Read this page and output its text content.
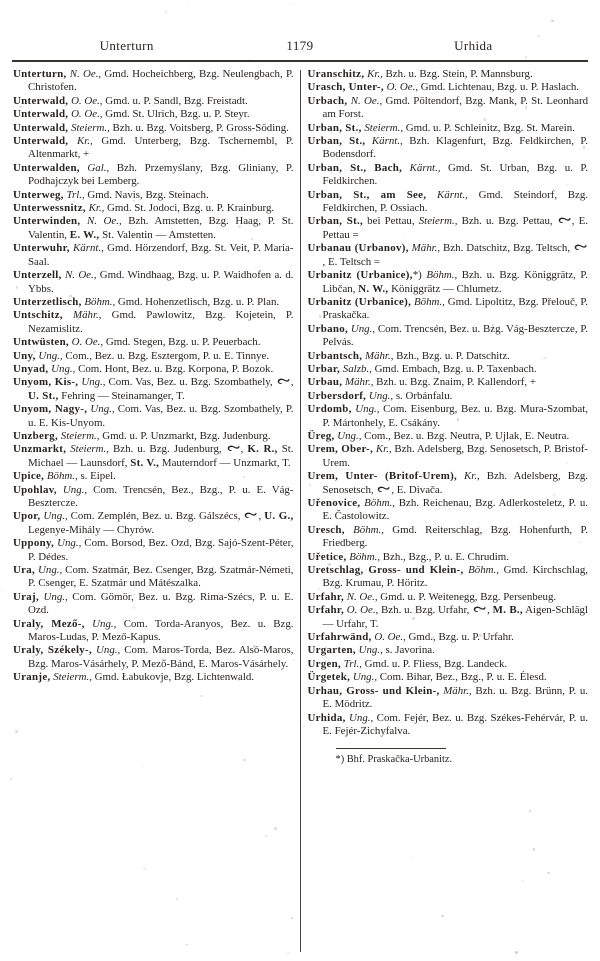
Unterturn	1179	Urhida

Unterturn, N. Oe., Gmd. Hocheichberg, Bzg. Neulengbach, P. Christofen.

Unterwald, O. Oe., Gmd. u. P. Sandl, Bzg. Freistadt.

Unterwald, O. Oe., Gmd. St. Ulrich, Bzg. u. P. Steyr.

Unterwald, Steierm., Bzh. u. Bzg. Voitsberg, P. Gross-Söding.

Unterwald, Kr., Gmd. Unterberg, Bzg. Tschernembl, P. Altenmarkt, +

Unterwalden, Gal., Bzh. Przemyślany, Bzg. Gliniany, P. Podhajczyk bei Lemberg.

Unterweg, Trl., Gmd. Navis, Bzg. Steinach.

Unterwessnitz, Kr., Gmd. St. Jodoci, Bzg. u. P. Krainburg.

Unterwinden, N. Oe., Bzh. Amstetten, Bzg. Haag, P. St. Valentin, E. W., St. Valentin — Amstetten.

Unterwuhr, Kärnt., Gmd. Hörzendorf, Bzg. St. Veit, P. Maria-Saal.

Unterzell, N. Oe., Gmd. Windhaag, Bzg. u. P. Waidhofen a. d. Ybbs.

Unterzetlisch, Böhm., Gmd. Hohenzetlisch, Bzg. u. P. Plan.

Untschitz, Mähr., Gmd. Pawlowitz, Bzg. Kojetein, P. Nezamislitz.

Untwüsten, O. Oe., Gmd. Stegen, Bzg. u. P. Peuerbach.

Uny, Ung., Com., Bez. u. Bzg. Esztergom, P. u. E. Tinnye.

Unyad, Ung., Com. Hont, Bez. u. Bzg. Korpona, P. Bozok.

Unyom, Kis-, Ung., Com. Vas, Bez. u. Bzg. Szombathely,
, U. St., Fehring — Steinamanger, T.

Unyom, Nagy-, Ung., Com. Vas, Bez. u. Bzg. Szombathely, P. u. E. Kis-Unyom.

Unzberg, Steierm., Gmd. u. P. Unzmarkt, Bzg. Judenburg.

Unzmarkt, Steierm., Bzh. u. Bzg. Judenburg,
, K. R., St. Michael — Launsdorf, St. V., Mauterndorf — Unzmarkt, T.

Upice, Böhm., s. Eipel.

Upohlav, Ung., Com. Trencsén, Bez., Bzg., P. u. E. Vág-Besztercze.

Upor, Ung., Com. Zemplén, Bez. u. Bzg. Gálszécs,
, U. G., Legenye-Mihály — Chyrów.

Uppony, Ung., Com. Borsod, Bez. Ozd, Bzg. Sajó-Szent-Péter, P. Dédes.

Ura, Ung., Com. Szatmár, Bez. Csenger, Bzg. Szatmár-Németi, P. Csenger, E. Szatmár und Mátészalka.

Uraj, Ung., Com. Gömör, Bez. u. Bzg. Rima-Szécs, P. u. E. Ozd.

Uraly, Mező-, Ung., Com. Torda-Aranyos, Bez. u. Bzg. Maros-Ludas, P. Mező-Kapus.

Uraly, Székely-, Ung., Com. Maros-Torda, Bez. Alsó-Maros, Bzg. Maros-Vásárhely, P. Mező-Bánd, E. Maros-Vásárhely.

Uranje, Steierm., Gmd. Łabukovje, Bzg. Lichtenwald.

Uranschitz, Kr., Bzh. u. Bzg. Stein, P. Mannsburg.

Urasch, Unter-, O. Oe., Gmd. Lichtenau, Bzg. u. P. Haslach.

Urbach, N. Oe., Gmd. Pöltendorf, Bzg. Mank, P. St. Leonhard am Forst.

Urban, St., Steierm., Gmd. u. P. Schleinitz, Bzg. St. Marein.

Urban, St., Kärnt., Bzh. Klagenfurt, Bzg. Feldkirchen, P. Bodensdorf.

Urban, St., Bach, Kärnt., Gmd. St. Urban, Bzg. u. P. Feldkirchen.

Urban, St., am See, Kärnt., Gmd. Steindorf, Bzg. Feldkirchen, P. Ossiach.

Urban, St., bei Pettau, Steierm., Bzh. u. Bzg. Pettau,
, E. Pettau =

Urbanau (Urbanov), Mähr., Bzh. Datschitz, Bzg. Teltsch,
, E. Teltsch =

Urbanitz (Urbanice),*) Böhm., Bzh. u. Bzg. Königgrätz, P. Libčan, N. W., Königgrätz — Chlumetz.

Urbanitz (Urbanice), Böhm., Gmd. Lipoltitz, Bzg. Přelouč, P. Praskačka.

Urbano, Ung., Com. Trencsén, Bez. u. Bzg. Vág-Besztercze, P. Pelvás.

Urbantsch, Mähr., Bzh., Bzg. u. P. Datschitz.

Urbar, Salzb., Gmd. Embach, Bzg. u. P. Taxenbach.

Urbau, Mähr., Bzh. u. Bzg. Znaim, P. Kallendorf, +

Urbersdorf, Ung., s. Orbánfalu.

Urdomb, Ung., Com. Eisenburg, Bez. u. Bzg. Mura-Szombat, P. Mártonhely, E. Csákány.

Üreg, Ung., Com., Bez. u. Bzg. Neutra, P. Ujlak, E. Neutra.

Urem, Ober-, Kr., Bzh. Adelsberg, Bzg. Senosetsch, P. Bristof-Urem.

Urem, Unter- (Britof-Urem), Kr., Bzh. Adelsberg, Bzg. Senosetsch,
, E. Divača.

Uřenovice, Böhm., Bzh. Reichenau, Bzg. Adlerkosteletz, P. u. E. Častolowitz.

Uresch, Böhm., Gmd. Reiterschlag, Bzg. Hohenfurth, P. Friedberg.

Uřetice, Böhm., Bzh., Bzg., P. u. E. Chrudim.

Uretschlag, Gross- und Klein-, Böhm., Gmd. Kirchschlag, Bzg. Krumau, P. Höritz.

Urfahr, N. Oe., Gmd. u. P. Weitenegg, Bzg. Persenbeug.

Urfahr, O. Oe., Bzh. u. Bzg. Urfahr,
, M. B., Aigen-Schlägl — Urfahr, T.

Urfahrwänd, O. Oe., Gmd., Bzg. u. P. Urfahr.

Urgarten, Ung., s. Javorina.

Urgen, Trl., Gmd. u. P. Fliess, Bzg. Landeck.

Ürgetek, Ung., Com. Bihar, Bez., Bzg., P. u. E. Élesd.

Urhau, Gross- und Klein-, Mähr., Bzh. u. Bzg. Brünn, P. u. E. Mödritz.

Urhida, Ung., Com. Fejér, Bez. u. Bzg. Székes-Fehérvár, P. u. E. Fejér-Zichyfalva.

*) Bhf. Praskačka-Urbanitz.
